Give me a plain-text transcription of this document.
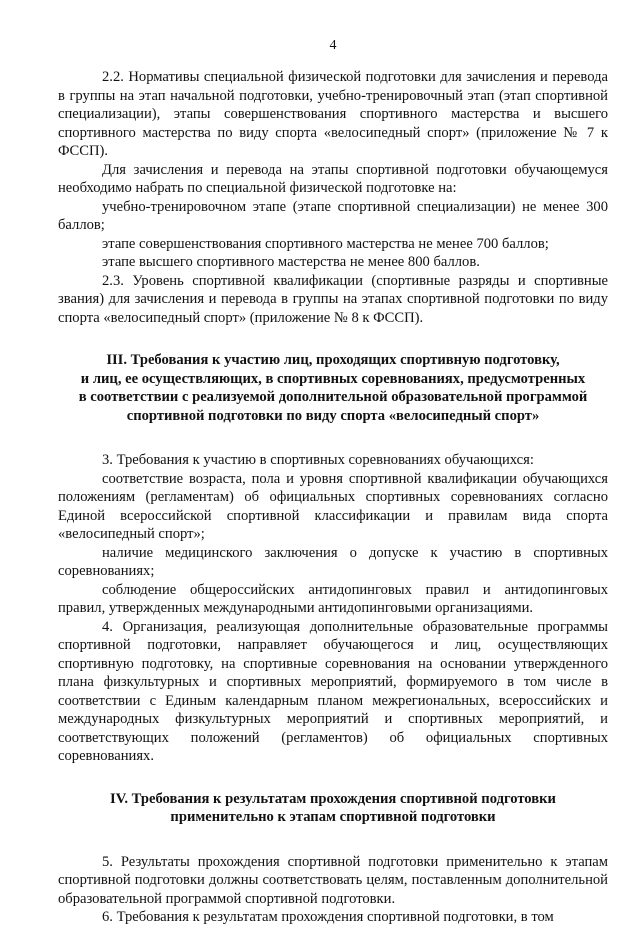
4

2.2. Нормативы специальной физической подготовки для зачисления и перевода в группы на этап начальной подготовки, учебно-тренировочный этап (этап спортивной специализации), этапы совершенствования спортивного мастерства и высшего спортивного мастерства по виду спорта «велосипедный спорт» (приложение № 7 к ФССП).

Для зачисления и перевода на этапы спортивной подготовки обучающемуся необходимо набрать по специальной физической подготовке на:

учебно-тренировочном этапе (этапе спортивной специализации) не менее 300 баллов;

этапе совершенствования спортивного мастерства не менее 700 баллов;

этапе высшего спортивного мастерства не менее 800 баллов.

2.3. Уровень спортивной квалификации (спортивные разряды и спортивные звания) для зачисления и перевода в группы на этапах спортивной подготовки по виду спорта «велосипедный спорт» (приложение № 8 к ФССП).

III. Требования к участию лиц, проходящих спортивную подготовку,
и лиц, ее осуществляющих, в спортивных соревнованиях, предусмотренных
в соответствии с реализуемой дополнительной образовательной программой
спортивной подготовки по виду спорта «велосипедный спорт»

3. Требования к участию в спортивных соревнованиях обучающихся:

соответствие возраста, пола и уровня спортивной квалификации обучающихся положениям (регламентам) об официальных спортивных соревнованиях согласно Единой всероссийской спортивной классификации и правилам вида спорта «велосипедный спорт»;

наличие медицинского заключения о допуске к участию в спортивных соревнованиях;

соблюдение общероссийских антидопинговых правил и антидопинговых правил, утвержденных международными антидопинговыми организациями.

4. Организация, реализующая дополнительные образовательные программы спортивной подготовки, направляет обучающегося и лиц, осуществляющих спортивную подготовку, на спортивные соревнования на основании утвержденного плана физкультурных и спортивных мероприятий, формируемого в том числе в соответствии с Единым календарным планом межрегиональных, всероссийских и международных физкультурных мероприятий и спортивных мероприятий, и соответствующих положений (регламентов) об официальных спортивных соревнованиях.

IV. Требования к результатам прохождения спортивной подготовки
применительно к этапам спортивной подготовки

5. Результаты прохождения спортивной подготовки применительно к этапам спортивной подготовки должны соответствовать целям, поставленным дополнительной образовательной программой спортивной подготовки.

6. Требования к результатам прохождения спортивной подготовки, в том
